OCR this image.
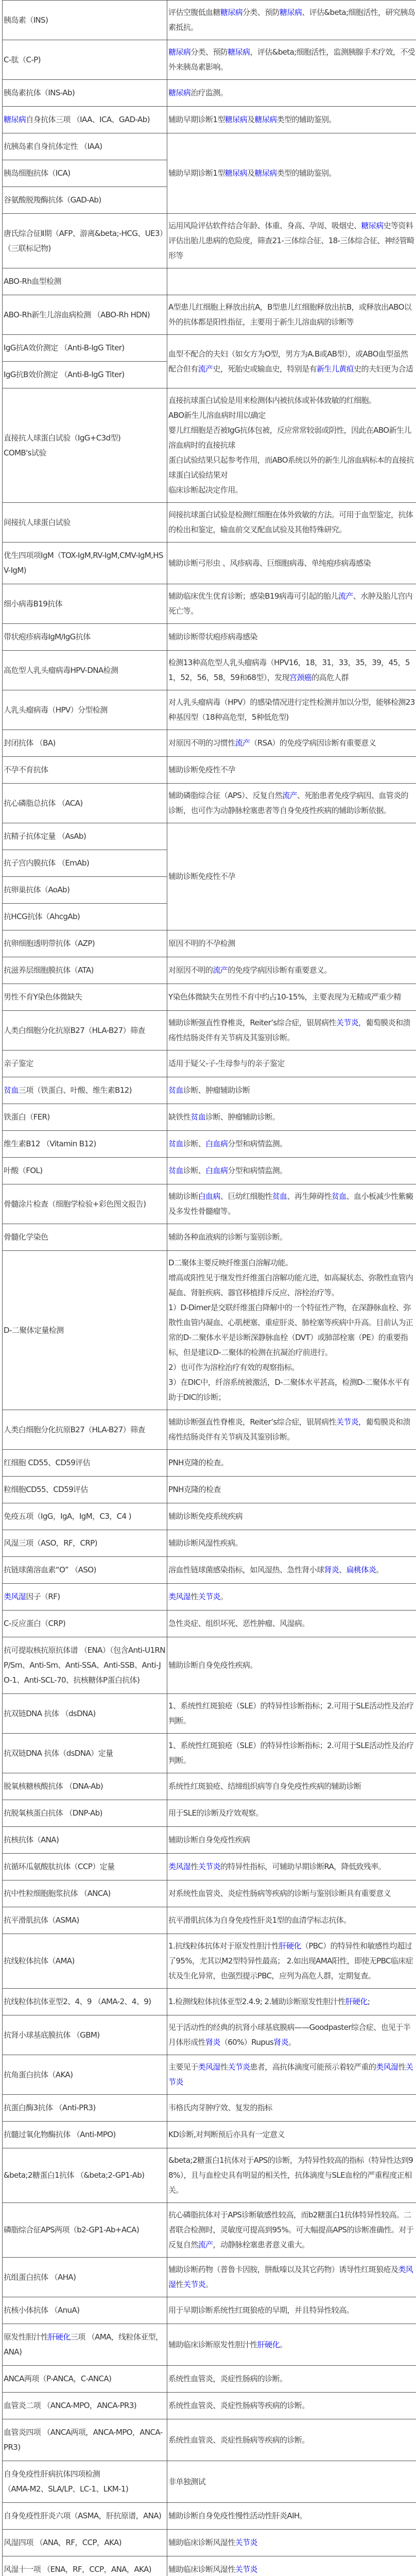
胰岛素（INS)	评估空腹低血糖糖尿病分类、预防糖尿病、评估&beta;细胞活性，研究胰岛素抵抗。
C-肽（C-P)	糖尿病分类、预防糖尿病，评估&beta;细胞活性，监测胰腺手术疗效，不受外来胰岛素影响。
胰岛素抗体（INS-Ab)	糖尿病治疗监测。
糖尿病自身抗体三项 （IAA、ICA、GAD-Ab)	辅助早期诊断1型糖尿病及糖尿病类型的辅助鉴别。
抗胰岛素自身抗体定性 （IAA)	辅助早期诊断1型糖尿病及糖尿病类型的辅助鉴别。
胰岛细胞抗体（ICA)	
谷氨酸脱羧酶抗体（GAD-Ab)	
唐氏综合征Ⅱ期（AFP、游离&beta;-HCG、UE3）（三联标记物)	运用风险评估软件结合年龄、体重、身高、孕周、吸烟史、糖尿病史等资料评估出胎儿患病的危险度，筛查21-三体综合征、18-三体综合征、神经管畸形等
ABO-Rh血型检测	
ABO-Rh新生儿溶血病检测 （ABO-Rh HDN)	A型患儿红细胞上释放出抗A，B型患儿红细胞释放出抗B，或释放出ABO以外的抗体都是阳性指征，主要用于新生儿溶血病的诊断等
IgG抗A效价测定 （Anti-B-IgG Titer)	血型不配合的夫妇（如女方为O型，男方为A.B或AB型），或ABO血型虽然配合但有流产史，死胎史或输血史，特别是有新生儿黄疸史的夫妇更为合适
IgG抗B效价测定 （Anti-B-IgG Titer)	
直接抗人球蛋白试验（IgG+C3d型)
COMB's试验	直接抗球蛋白试验是用来检测体内被抗体或补体致敏的红细胞。
ABO新生儿溶血病时用以确定
婴儿红细胞是否被IgG抗体包被，反应常常较弱或阴性，因此在ABO新生儿溶血病时的直接抗球
蛋白试验结果只起参考作用，而ABO系统以外的新生儿溶血病标本的直接抗球蛋白试验结果对
临床诊断起决定作用。
间接抗人球蛋白试验	间接抗球蛋白试验是检测红细胞在体外致敏的方法。可用于血型鉴定，抗体的检出和鉴定，输血前交叉配血试验及其他特殊研究。
优生四项项IgM（TOX-IgM,RV-IgM,CMV-IgM,HSV-IgM)	辅助诊断弓形虫 、风疹病毒、巨细胞病毒、单纯疱疹病毒感染
细小病毒B19抗体	辅助临床优生优育诊断；感染B19病毒可引起的胎儿流产、水肿及胎儿宫内死亡等。
带状疱疹病毒IgM/IgG抗体	辅助诊断带状疱疹病毒感染
高危型人乳头瘤病毒HPV-DNA检测	检测13种高危型人乳头瘤病毒（HPV16，18，31，33，35，39，45，51，52，56，58，59和68型），发现宫颈癌的高危人群
人乳头瘤病毒（HPV）分型检测	对人乳头瘤病毒（HPV）的感染情况进行定性检测并加以分型，能够检测23种基因型（18种高危型，5种低危型)
封闭抗体 （BA)	对原因不明的习惯性流产（RSA）的免疫学病因诊断有重要意义
不孕不育抗体	辅助诊断免疫性不孕
抗心磷脂总抗体 （ACA)	辅助磷脂综合征（APS）、反复自然流产、死胎患者免疫学病因、血管炎的诊断，也可作为动静脉栓塞患者等自身免疫性疾病的辅助诊断依据。
抗精子抗体定量 （AsAb)	辅助诊断免疫性不孕
抗子宫内膜抗体 （EmAb)	
抗卵巢抗体（AoAb)	
抗HCG抗体（AhcgAb)	
抗卵细胞透明带抗体（AZP)	原因不明的不孕检测
抗滋养层细胞膜抗体（ATA)	对原因不明的流产的免疫学病因诊断有重要意义。
男性不育Y染色体微缺失	Y染色体微缺失在男性不育中约占10-15%，主要表现为无精或严重少精
人类白细胞分化抗原B27（HLA-B27）筛查	辅助诊断强直性脊椎炎，Reiter’s综合症，银屑病性关节炎，葡萄膜炎和溃疡性结肠炎伴有关节病及其鉴别诊断。
亲子鉴定	适用于疑父-子-生母参与的亲子鉴定
贫血三项（铁蛋白、叶酸、维生素B12)	贫血诊断、肿瘤辅助诊断
铁蛋白（FER)	缺铁性贫血诊断、肿瘤辅助诊断。
维生素B12 （Vitamin B12)	贫血诊断、白血病分型和病情监测。
叶酸（FOL)	贫血诊断、白血病分型和病情监测。
骨髓涂片检查（细胞学检验+彩色图文报告)	辅助诊断白血病、巨幼红细胞性贫血、再生障碍性贫血、血小板减少性紫癜及多发性骨髓瘤等。
骨髓化学染色	辅助各种血液病的诊断与鉴别诊断。
D-二聚体定量检测	D二聚体主要反映纤维蛋白溶解功能。
增高或阳性见于继发性纤维蛋白溶解功能亢进，如高凝状态、弥散性血管内凝血、肾脏疾病、器官移植排斥反应、溶栓治疗等。
1）D-Dimer是交联纤维蛋白降解中的一个特征性产物，在深静脉血栓、弥散性血管内凝血、心肌梗塞、重症肝炎、肺栓塞等疾病中升高。目前认为正常的D-二聚体水平是诊断深静脉血栓（DVT）或肺部栓塞（PE）的重要指标，但是建议D-二聚体的检测在抗凝治疗前进行。
2）也可作为溶栓治疗有效的观察指标。
3）在DIC中，纤溶系统被激活，D-二聚体水平甚高，检测D-二聚体水平有助于DIC的诊断；
人类白细胞分化抗原B27（HLA-B27）筛查	辅助诊断强直性脊椎炎，Reiter’s综合症，银屑病性关节炎，葡萄膜炎和溃疡性结肠炎伴有关节病及其鉴别诊断。
红细胞 CD55、CD59评估	PNH克隆的检查。
粒细胞CD55、CD59评估	PNH克隆的检查
免疫五项（IgG，IgA，IgM，C3，C4 )	辅助诊断免疫系统疾病
风湿三项（ASO，RF，CRP)	辅助诊断风湿性疾病。
抗链球菌溶血素“O” （ASO)	溶血性链球菌感染指标，如风湿热、急性肾小球肾炎、扁桃体炎。
类风湿因子（RF)	类风湿性关节炎。
C-反应蛋白（CRP)	急性炎症、组织坏死、恶性肿瘤、风湿病。
抗可提取核抗原抗体谱 （ENA）（包含Anti-U1RNP/Sm、Anti-Sm、Anti-SSA、Anti-SSB、Anti-JO-1、Anti-SCL-70、抗核糖体P蛋白抗体)	辅助诊断自身免疫性疾病。
抗双链DNA 抗体 （dsDNA)	1、系统性红斑狼疮（SLE）的特异性诊断指标；2.可用于SLE活动性及治疗判断。
抗双链DNA 抗体（dsDNA）定量	1、系统性红斑狼疮（SLE）的特异性诊断指标；2.可用于SLE活动性及治疗判断。
脱氧核糖核酸抗体 （DNA-Ab)	系统性红斑狼疮、结缔组织病等自身免疫性疾病的辅助诊断
抗脱氧核蛋白抗体 （DNP-Ab)	用于SLE的诊断及疗效观察。
抗核抗体（ANA)	辅助诊断自身免疫性疾病
抗循环瓜氨酸肽抗体（CCP）定量	类风湿性关节炎的特异性指标，可辅助早期诊断RA，降低致残率。
抗中性粒细胞胞浆抗体 （ANCA)	对系统性血管炎、炎症性肠病等疾病的诊断与鉴别诊断具有重要意义
抗平滑肌抗体（ASMA)	抗平滑肌抗体为自身免疫性肝炎1型的血清学标志抗体。
抗线粒体抗体（AMA)	1.抗线粒体抗体对于原发性胆汁性肝硬化（PBC）的特异性和敏感性均超过了95%，尤其以M2型特异性最高； 2.如出现AMA阳性，即使无PBC临床症状及生化异常，也强烈提示PBC，应列为高危人群，定期复查。
抗线粒体抗体亚型2、4、9 （AMA-2、4、9)	1.检测线粒体抗体亚型2.4.9; 2.辅助诊断原发性胆汁性肝硬化;
抗肾小球基底膜抗体 （GBM)	见于活动性的经典的抗肾小球基底膜病——Goodpaster综合症、也见于半月体形成性肾炎（60%）Rupus肾炎。
抗角蛋白抗体（AKA)	主要见于类风湿性关节炎患者，高抗体滴度可能预示着较严重的类风湿性关节炎
抗蛋白酶3抗体 （Anti-PR3)	韦格氏肉芽肿疗效、复发的指标
抗髓过氧化物酶抗体 （Anti-MPO)	KD诊断,对判断预后亦具有一定意义
&beta;2糖蛋白1抗体 （&beta;2-GP1-Ab)	&beta;2糖蛋白1抗体对于APS的诊断，为特异性较高的指标（特异性达到98%），且与血栓史具有明显的相关性，抗体滴度与SLE血栓的严重程度正相关。
磷脂综合征APS两项（b2-GP1-Ab+ACA)	抗心磷脂抗体对于APS诊断敏感性较高，而b2糖蛋白1抗体特异性较高。二者联合检测时，灵敏度可提高到95%。可大幅提高APS的诊断准确性。对于反复自然流产，动静脉栓塞患者意义重大。
抗组蛋白抗体 （AHA)	辅助诊断药物（普鲁卡因胺，肼酞嗪以及其它药物）诱导性红斑狼疮及类风湿性关节炎。
抗核小体抗体 （AnuA)	用于早期诊断系统性红斑狼疮的早期，并且特异性较高。
原发性胆汁性肝硬化三项 （AMA，线粒体亚型，ANA)	辅助临床诊断原发性胆汁性肝硬化。
ANCA两项（P-ANCA，C-ANCA)	系统性血管炎，炎症性肠病的诊断。
血管炎二项 （ANCA-MPO，ANCA-PR3)	系统性血管炎、炎症性肠病等疾病的诊断。
血管炎四项 （ANCA两项，ANCA-MPO，ANCA-PR3)	系统性血管炎、炎症性肠病等疾病的诊断。
自身免疫性肝病抗体四项检测
（AMA-M2、SLA/LP、LC-1、LKM-1)	非单独测试
自身免疫性肝炎六项（ASMA，肝抗原谱，ANA)	辅助诊断自身免疫性慢性活动性肝炎AIH。
风湿四项 （ANA，RF，CCP，AKA)	辅助临床诊断风湿性关节炎
风湿十一项 （ENA，RF，CCP，ANA，AKA)	辅助临床诊断风湿性关节炎
